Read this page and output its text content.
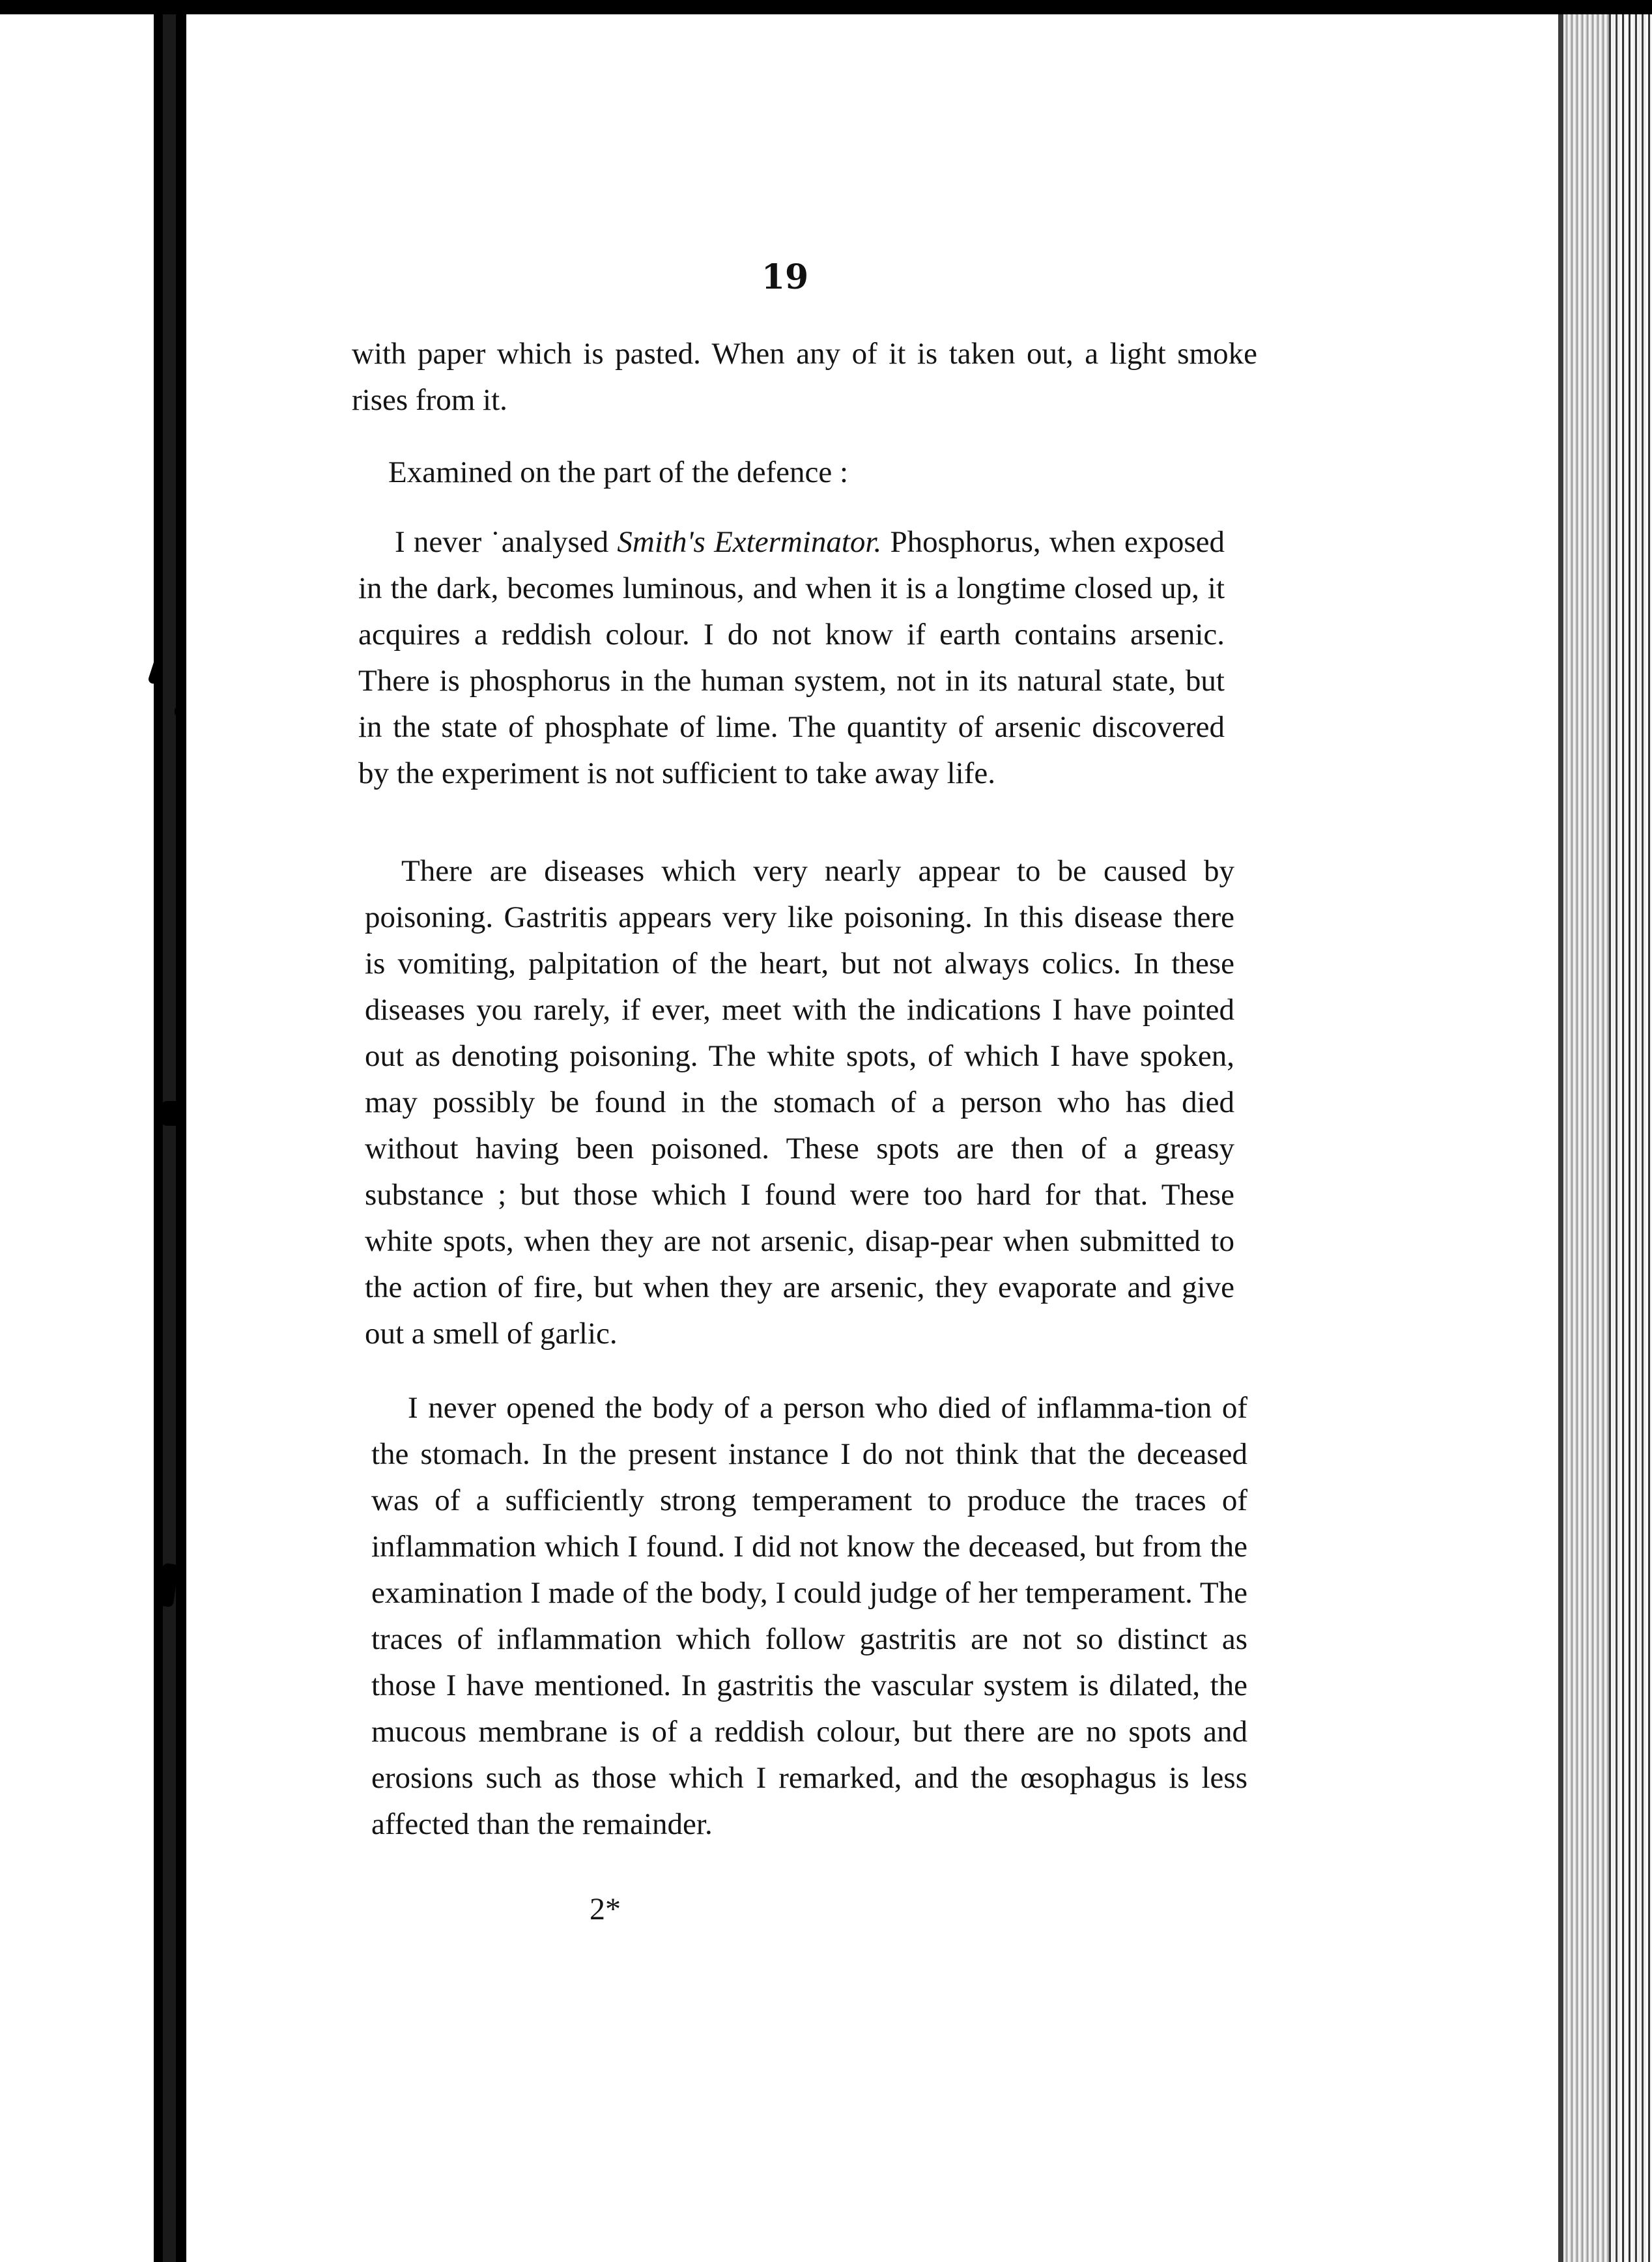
19

with paper which is pasted. When any of it is taken out, a light smoke rises from it.

Examined on the part of the defence :

I never ˙analysed Smith's Exterminator. Phosphorus, when exposed in the dark, becomes luminous, and when it is a longtime closed up, it acquires a reddish colour. I do not know if earth contains arsenic. There is phosphorus in the human system, not in its natural state, but in the state of phosphate of lime. The quantity of arsenic discovered by the experiment is not sufficient to take away life.

There are diseases which very nearly appear to be caused by poisoning. Gastritis appears very like poisoning. In this disease there is vomiting, palpitation of the heart, but not always colics. In these diseases you rarely, if ever, meet with the indications I have pointed out as denoting poisoning. The white spots, of which I have spoken, may possibly be found in the stomach of a person who has died without having been poisoned. These spots are then of a greasy substance ; but those which I found were too hard for that. These white spots, when they are not arsenic, disap-pear when submitted to the action of fire, but when they are arsenic, they evaporate and give out a smell of garlic.

I never opened the body of a person who died of inflamma-tion of the stomach. In the present instance I do not think that the deceased was of a sufficiently strong temperament to produce the traces of inflammation which I found. I did not know the deceased, but from the examination I made of the body, I could judge of her temperament. The traces of inflammation which follow gastritis are not so distinct as those I have mentioned. In gastritis the vascular system is dilated, the mucous membrane is of a reddish colour, but there are no spots and erosions such as those which I remarked, and the œsophagus is less affected than the remainder.

2*
